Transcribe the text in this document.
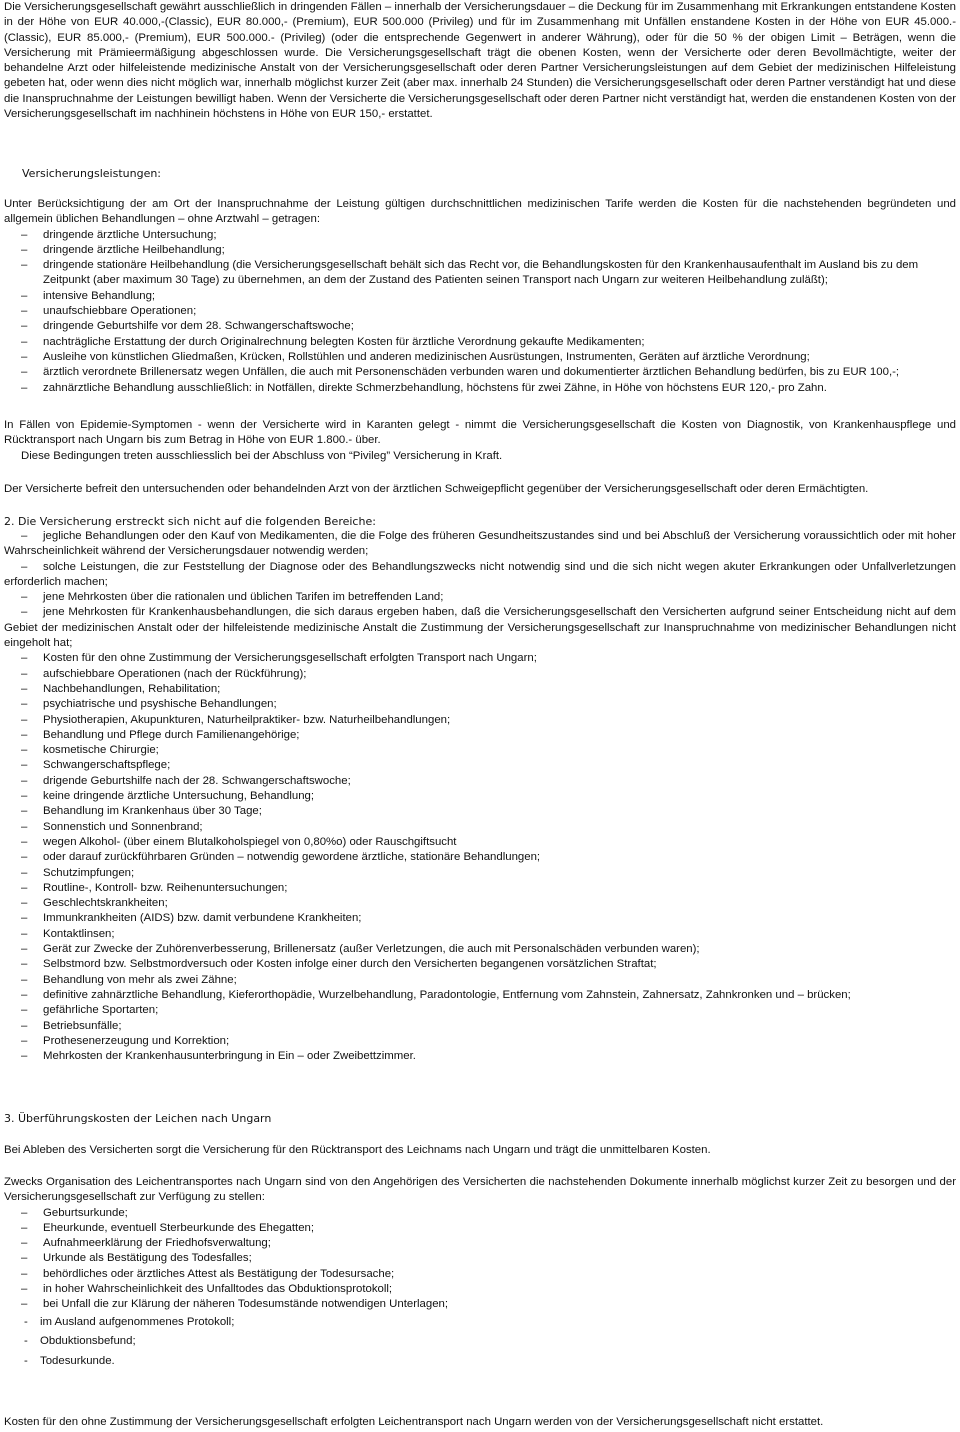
Die Versicherungsgesellschaft gewährt ausschließlich in dringenden Fällen – innerhalb der Versicherungsdauer – die Deckung für im Zusammenhang mit Erkrankungen entstandene Kosten in der Höhe von EUR 40.000,-(Classic), EUR 80.000,- (Premium), EUR 500.000 (Privileg) und für im Zusammenhang mit Unfällen enstandene Kosten in der Höhe von EUR 45.000.- (Classic), EUR 85.000,- (Premium), EUR 500.000.- (Privileg) (oder die entsprechende Gegenwert in anderer Währung), oder für die 50 % der obigen Limit – Beträgen, wenn die Versicherung mit Prämieermäßigung abgeschlossen wurde. Die Versicherungsgesellschaft trägt die obenen Kosten, wenn der Versicherte oder deren Bevollmächtigte, weiter der behandelne Arzt oder hilfeleistende medizinische Anstalt von der Versicherungsgesellschaft oder deren Partner Versicherungsleistungen auf dem Gebiet der medizinischen Hilfeleistung gebeten hat, oder wenn dies nicht möglich war, innerhalb möglichst kurzer Zeit (aber max. innerhalb 24 Stunden) die Versicherungsgesellschaft oder deren Partner verständigt hat und diese die Inanspruchnahme der Leistungen bewilligt haben. Wenn der Versicherte die Versicherungsgesellschaft oder deren Partner nicht verständigt hat, werden die enstandenen Kosten von der Versicherungsgesellschaft im nachhinein höchstens in Höhe von EUR 150,- erstattet.

Versicherungsleistungen:

Unter Berücksichtigung der am Ort der Inanspruchnahme der Leistung gültigen durchschnittlichen medizinischen Tarife werden die Kosten für die nachstehenden begründeten und allgemein üblichen Behandlungen – ohne Arztwahl – getragen:

– dringende ärztliche Untersuchung;
– dringende ärztliche Heilbehandlung;
– dringende stationäre Heilbehandlung (die Versicherungsgesellschaft behält sich das Recht vor, die Behandlungskosten für den Krankenhausaufenthalt im Ausland bis zu dem Zeitpunkt (aber maximum 30 Tage) zu übernehmen, an dem der Zustand des Patienten seinen Transport nach Ungarn zur weiteren Heilbehandlung zuläßt);
– intensive Behandlung;
– unaufschiebbare Operationen;
– dringende Geburtshilfe vor dem 28. Schwangerschaftswoche;
– nachträgliche Erstattung der durch Originalrechnung belegten Kosten für ärztliche Verordnung gekaufte Medikamenten;
– Ausleihe von künstlichen Gliedmaßen, Krücken, Rollstühlen und anderen medizinischen Ausrüstungen, Instrumenten, Geräten auf ärztliche Verordnung;
– ärztlich verordnete Brillenersatz wegen Unfällen, die auch mit Personenschäden verbunden waren und dokumentierter ärztlichen Behandlung bedürfen, bis zu EUR 100,-;
– zahnärztliche Behandlung ausschließlich: in Notfällen, direkte Schmerzbehandlung, höchstens für zwei Zähne, in Höhe von höchstens EUR 120,- pro Zahn.

In Fällen von Epidemie-Symptomen - wenn der Versicherte wird in Karanten gelegt - nimmt die Versicherungsgesellschaft die Kosten von Diagnostik, von Krankenhauspflege und Rücktransport nach Ungarn bis zum Betrag in Höhe von EUR 1.800.- über.

Diese Bedingungen treten ausschliesslich bei der Abschluss von “Pivileg” Versicherung in Kraft.

Der Versicherte befreit den untersuchenden oder behandelnden Arzt von der ärztlichen Schweigepflicht gegenüber der Versicherungsgesellschaft oder deren Ermächtigten.

2. Die Versicherung erstreckt sich nicht auf die folgenden Bereiche:

– jegliche Behandlungen oder den Kauf von Medikamenten, die die Folge des früheren Gesundheitszustandes sind und bei Abschluß der Versicherung voraussichtlich oder mit hoher Wahrscheinlichkeit während der Versicherungsdauer notwendig werden;
– solche Leistungen, die zur Feststellung der Diagnose oder des Behandlungszwecks nicht notwendig sind und die sich nicht wegen akuter Erkrankungen oder Unfallverletzungen erforderlich machen;
– jene Mehrkosten über die rationalen und üblichen Tarifen im betreffenden Land;
– jene Mehrkosten für Krankenhausbehandlungen, die sich daraus ergeben haben, daß die Versicherungsgesellschaft den Versicherten aufgrund seiner Entscheidung nicht auf dem Gebiet der medizinischen Anstalt oder der hilfeleistende medizinische Anstalt die Zustimmung der Versicherungsgesellschaft zur Inanspruchnahme von medizinischer Behandlungen nicht eingeholt hat;
– Kosten für den ohne Zustimmung der Versicherungsgesellschaft erfolgten Transport nach Ungarn;
– aufschiebbare Operationen (nach der Rückführung);
– Nachbehandlungen, Rehabilitation;
– psychiatrische und psyshische Behandlungen;
– Physiotherapien, Akupunkturen, Naturheilpraktiker- bzw. Naturheilbehandlungen;
– Behandlung und Pflege durch Familienangehörige;
– kosmetische Chirurgie;
– Schwangerschaftspflege;
– drigende Geburtshilfe nach der 28. Schwangerschaftswoche;
– keine dringende ärztliche Untersuchung, Behandlung;
– Behandlung im Krankenhaus über 30 Tage;
– Sonnenstich und Sonnenbrand;
– wegen Alkohol- (über einem Blutalkoholspiegel von 0,80%o) oder Rauschgiftsucht
– oder darauf zurückführbaren Gründen – notwendig gewordene ärztliche, stationäre Behandlungen;
– Schutzimpfungen;
– Routline-, Kontroll- bzw. Reihenuntersuchungen;
– Geschlechtskrankheiten;
– Immunkrankheiten (AIDS) bzw. damit verbundene Krankheiten;
– Kontaktlinsen;
– Gerät zur Zwecke der Zuhörenverbesserung, Brillenersatz (außer Verletzungen, die auch mit Personalschäden verbunden waren);
– Selbstmord bzw. Selbstmordversuch oder Kosten infolge einer durch den Versicherten begangenen vorsätzlichen Straftat;
– Behandlung von mehr als zwei Zähne;
– definitive zahnärztliche Behandlung, Kieferorthopädie, Wurzelbehandlung, Paradontologie, Entfernung vom Zahnstein, Zahnersatz, Zahnkronken und – brücken;
– gefährliche Sportarten;
– Betriebsunfälle;
– Prothesenerzeugung und Korrektion;
– Mehrkosten der Krankenhausunterbringung in Ein – oder Zweibettzimmer.

3. Überführungskosten der Leichen nach Ungarn

Bei Ableben des Versicherten sorgt die Versicherung für den Rücktransport des Leichnams nach Ungarn und trägt die unmittelbaren Kosten.

Zwecks Organisation des Leichentransportes nach Ungarn sind von den Angehörigen des Versicherten die nachstehenden Dokumente innerhalb möglichst kurzer Zeit zu besorgen und der Versicherungsgesellschaft zur Verfügung zu stellen:

– Geburtsurkunde;
– Eheurkunde, eventuell Sterbeurkunde des Ehegatten;
– Aufnahmeerklärung der Friedhofsverwaltung;
– Urkunde als Bestätigung des Todesfalles;
– behördliches oder ärztliches Attest als Bestätigung der Todesursache;
– in hoher Wahrscheinlichkeit des Unfalltodes das Obduktionsprotokoll;
– bei Unfall die zur Klärung der näheren Todesumstände notwendigen Unterlagen;
- im Ausland aufgenommenes Protokoll;
- Obduktionsbefund;
- Todesurkunde.

Kosten für den ohne Zustimmung der Versicherungsgesellschaft erfolgten Leichentransport nach Ungarn werden von der Versicherungsgesellschaft nicht erstattet.
